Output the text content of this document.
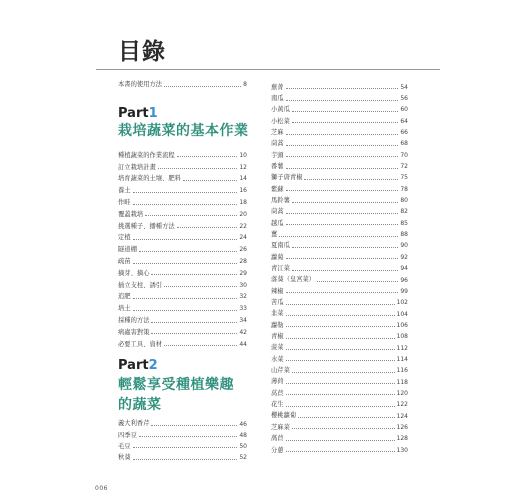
目錄
本書的使用方法	8
Part1
栽培蔬菜的基本作業
種植蔬菜的作業流程	10
訂立栽培計畫	12
培育蔬菜的土壤、肥料	14
養土	16
作畦	18
覆蓋栽培	20
挑選種子、播種方法	22
定植	24
隧道棚	26
疏苗	28
摘芽、摘心	29
插立支柱、誘引	30
追肥	32
培土	33
採種的方法	34
病蟲害對策	42
必要工具、資材	44
Part2
輕鬆享受種植樂趣
的蔬菜
義大利香芹	46
四季豆	48
毛豆	50
秋葵	52
蕪菁	54
南瓜	56
小黃瓜	60
小松菜	64
芝麻	66
茼蒿	68
芋頭	70
番薯	72
獅子唐青椒	75
紫蘇	78
馬鈴薯	80
茼蒿	82
越瓜	85
薑	88
夏南瓜	90
蘿蔔	92
青江菜	94
落葵（皇宮菜）	96
辣椒	99
苦瓜	102
韭菜	104
蘿勒	106
青椒	108
菠菜	112
水菜	114
山芹菜	116
薄荷	118
莴苣	120
花生	122
櫻桃蘿蔔	124
芝麻菜	126
萵苣	128
分蔥	130
006
